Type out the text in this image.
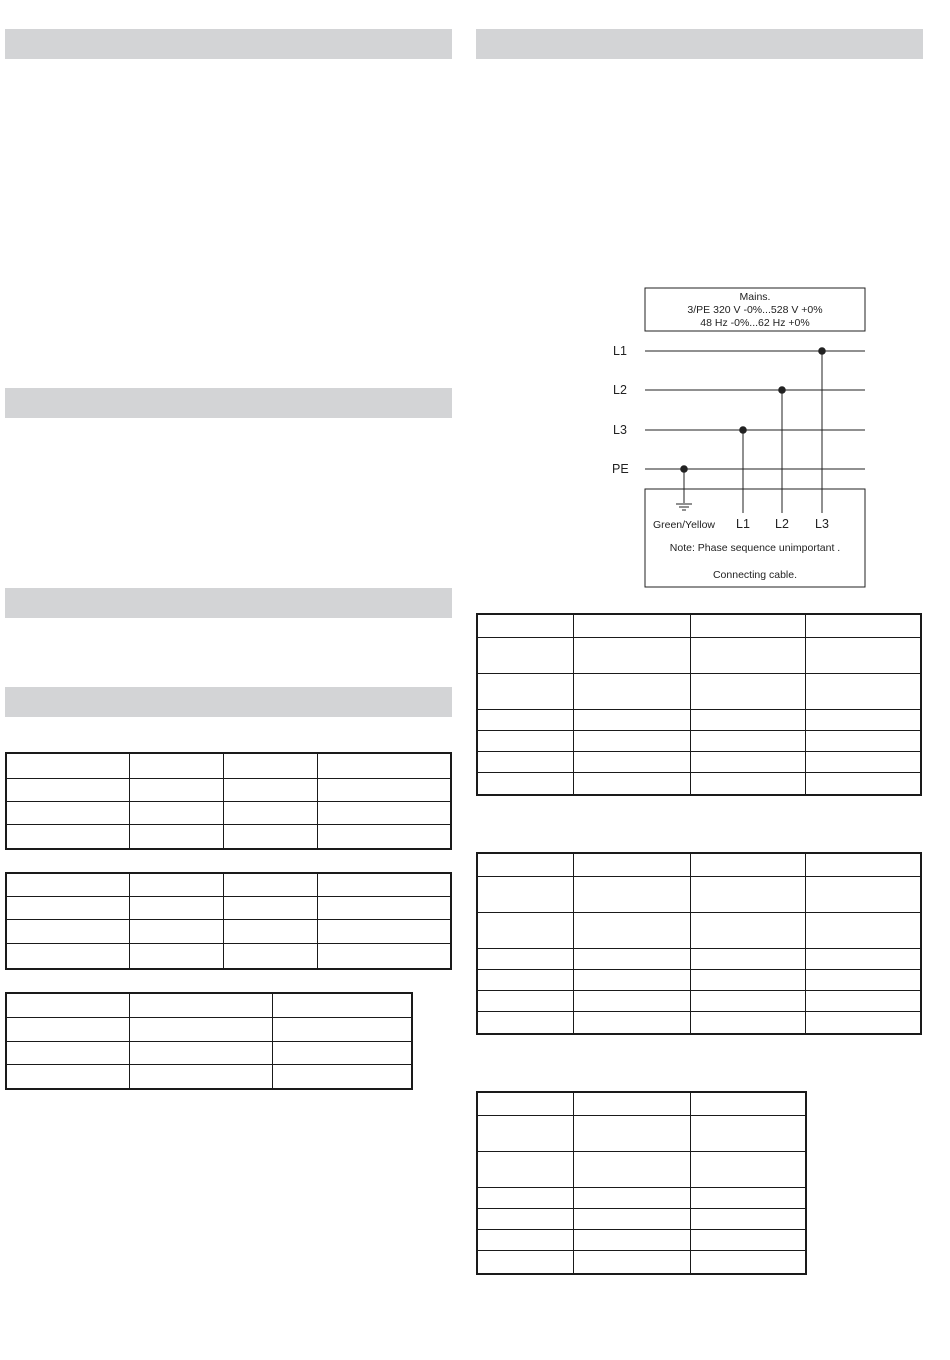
Mains.
3/PE 320 V -0%...528 V +0%
48 Hz -0%...62 Hz +0%
L1
L2
L3
PE
Green/Yellow L1 L2 L3
Note: Phase sequence unimportant .
Connecting cable.
